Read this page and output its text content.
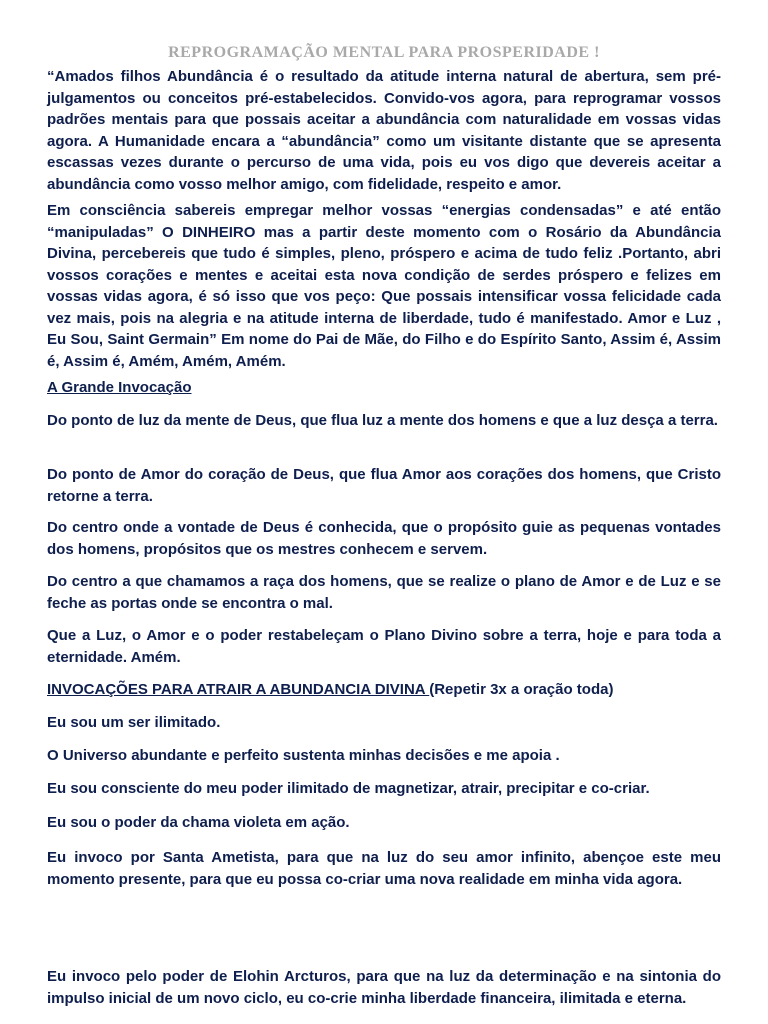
REPROGRAMAÇÃO MENTAL PARA PROSPERIDADE !
“Amados filhos Abundância é o resultado da atitude interna natural de abertura, sem pré-julgamentos ou conceitos pré-estabelecidos. Convido-vos agora, para reprogramar vossos padrões mentais para que possais aceitar a abundância com naturalidade em vossas vidas agora. A Humanidade encara a “abundância” como um visitante distante que se apresenta escassas vezes durante o percurso de uma vida, pois eu vos digo que devereis aceitar a abundância como vosso melhor amigo, com fidelidade, respeito e amor.
Em consciência sabereis empregar melhor vossas “energias condensadas” e até então “manipuladas” O DINHEIRO mas a partir deste momento com o Rosário da Abundância Divina, percebereis que tudo é simples, pleno, próspero e acima de tudo feliz .Portanto, abri vossos corações e mentes e aceitai esta nova condição de serdes próspero e felizes em vossas vidas agora, é só isso que vos peço: Que possais intensificar vossa felicidade cada vez mais, pois na alegria e na atitude interna de liberdade, tudo é manifestado. Amor e Luz , Eu Sou, Saint Germain” Em nome do Pai de Mãe, do Filho e do Espírito Santo, Assim é, Assim é, Assim é, Amém, Amém, Amém.
A Grande Invocação
Do ponto de luz da mente de Deus, que flua luz a mente dos homens e que a luz desça a terra.
Do ponto de Amor do coração de Deus, que flua Amor aos corações dos homens, que Cristo retorne a terra.
Do centro onde a vontade de Deus é conhecida, que o propósito guie as pequenas vontades dos homens, propósitos que os mestres conhecem e servem.
Do centro a que chamamos a raça dos homens, que se realize o plano de Amor e de Luz e se feche as portas onde se encontra o mal.
Que a Luz, o Amor e o poder restabeleçam o Plano Divino sobre a terra, hoje e para toda a eternidade. Amém.
INVOCAÇÕES PARA ATRAIR A ABUNDANCIA DIVINA (Repetir 3x a oração toda)
Eu sou um ser ilimitado.
O Universo abundante e perfeito sustenta minhas decisões e me apoia .
Eu sou consciente do meu poder ilimitado de magnetizar, atrair, precipitar e co-criar.
Eu sou o poder da chama violeta em ação.
Eu invoco por Santa Ametista, para que na luz do seu amor infinito, abençoe este meu momento presente, para que eu possa co-criar uma nova realidade em minha vida agora.
Eu invoco pelo poder de Elohin Arcturos, para que na luz da determinação e na sintonia do impulso inicial de um novo ciclo, eu co-crie minha liberdade financeira, ilimitada e eterna.
